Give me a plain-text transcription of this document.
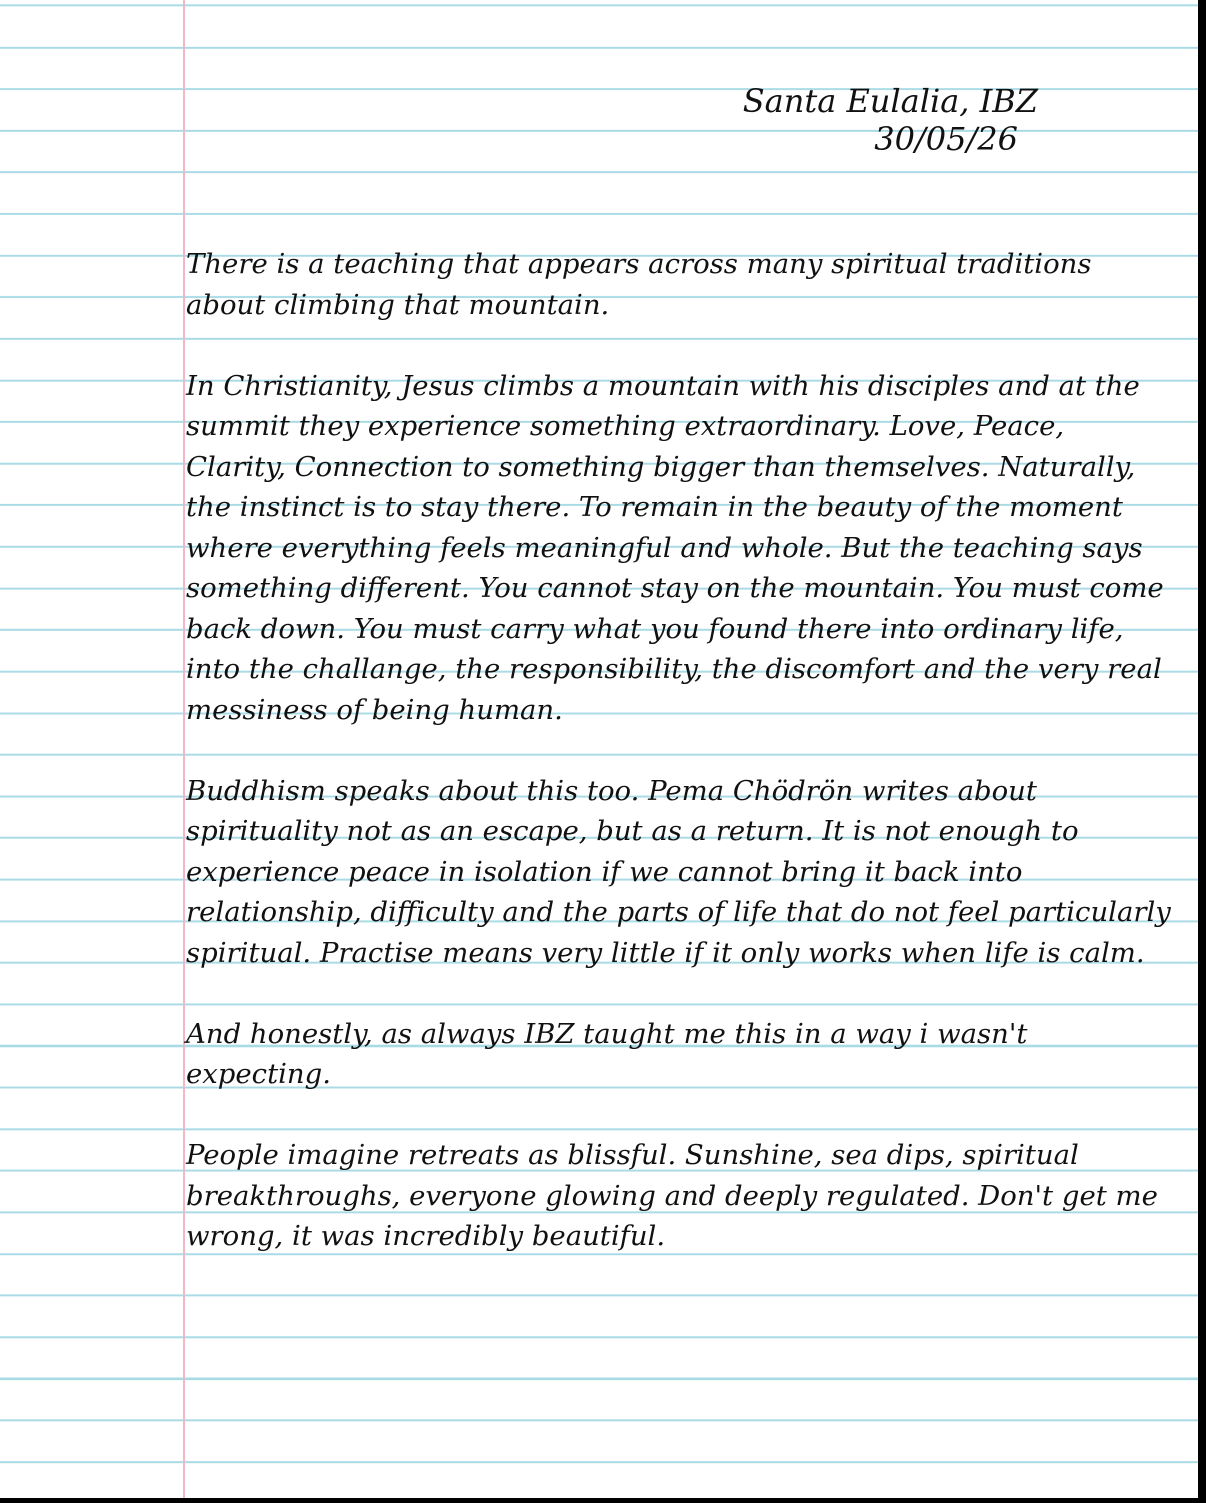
Santa Eulalia, IBZ
30/05/26

There is a teaching that appears across many spiritual traditions about climbing that mountain.

In Christianity, Jesus climbs a mountain with his disciples and at the summit they experience something extraordinary. Love, Peace, Clarity, Connection to something bigger than themselves. Naturally, the instinct is to stay there. To remain in the beauty of the moment where everything feels meaningful and whole. But the teaching says something different. You cannot stay on the mountain. You must come back down. You must carry what you found there into ordinary life, into the challange, the responsibility, the discomfort and the very real messiness of being human.

Buddhism speaks about this too. Pema Chödrön writes about spirituality not as an escape, but as a return. It is not enough to experience peace in isolation if we cannot bring it back into relationship, difficulty and the parts of life that do not feel particularly spiritual. Practise means very little if it only works when life is calm.

And honestly, as always IBZ taught me this in a way i wasn't expecting.

People imagine retreats as blissful. Sunshine, sea dips, spiritual breakthroughs, everyone glowing and deeply regulated. Don't get me wrong, it was incredibly beautiful.
